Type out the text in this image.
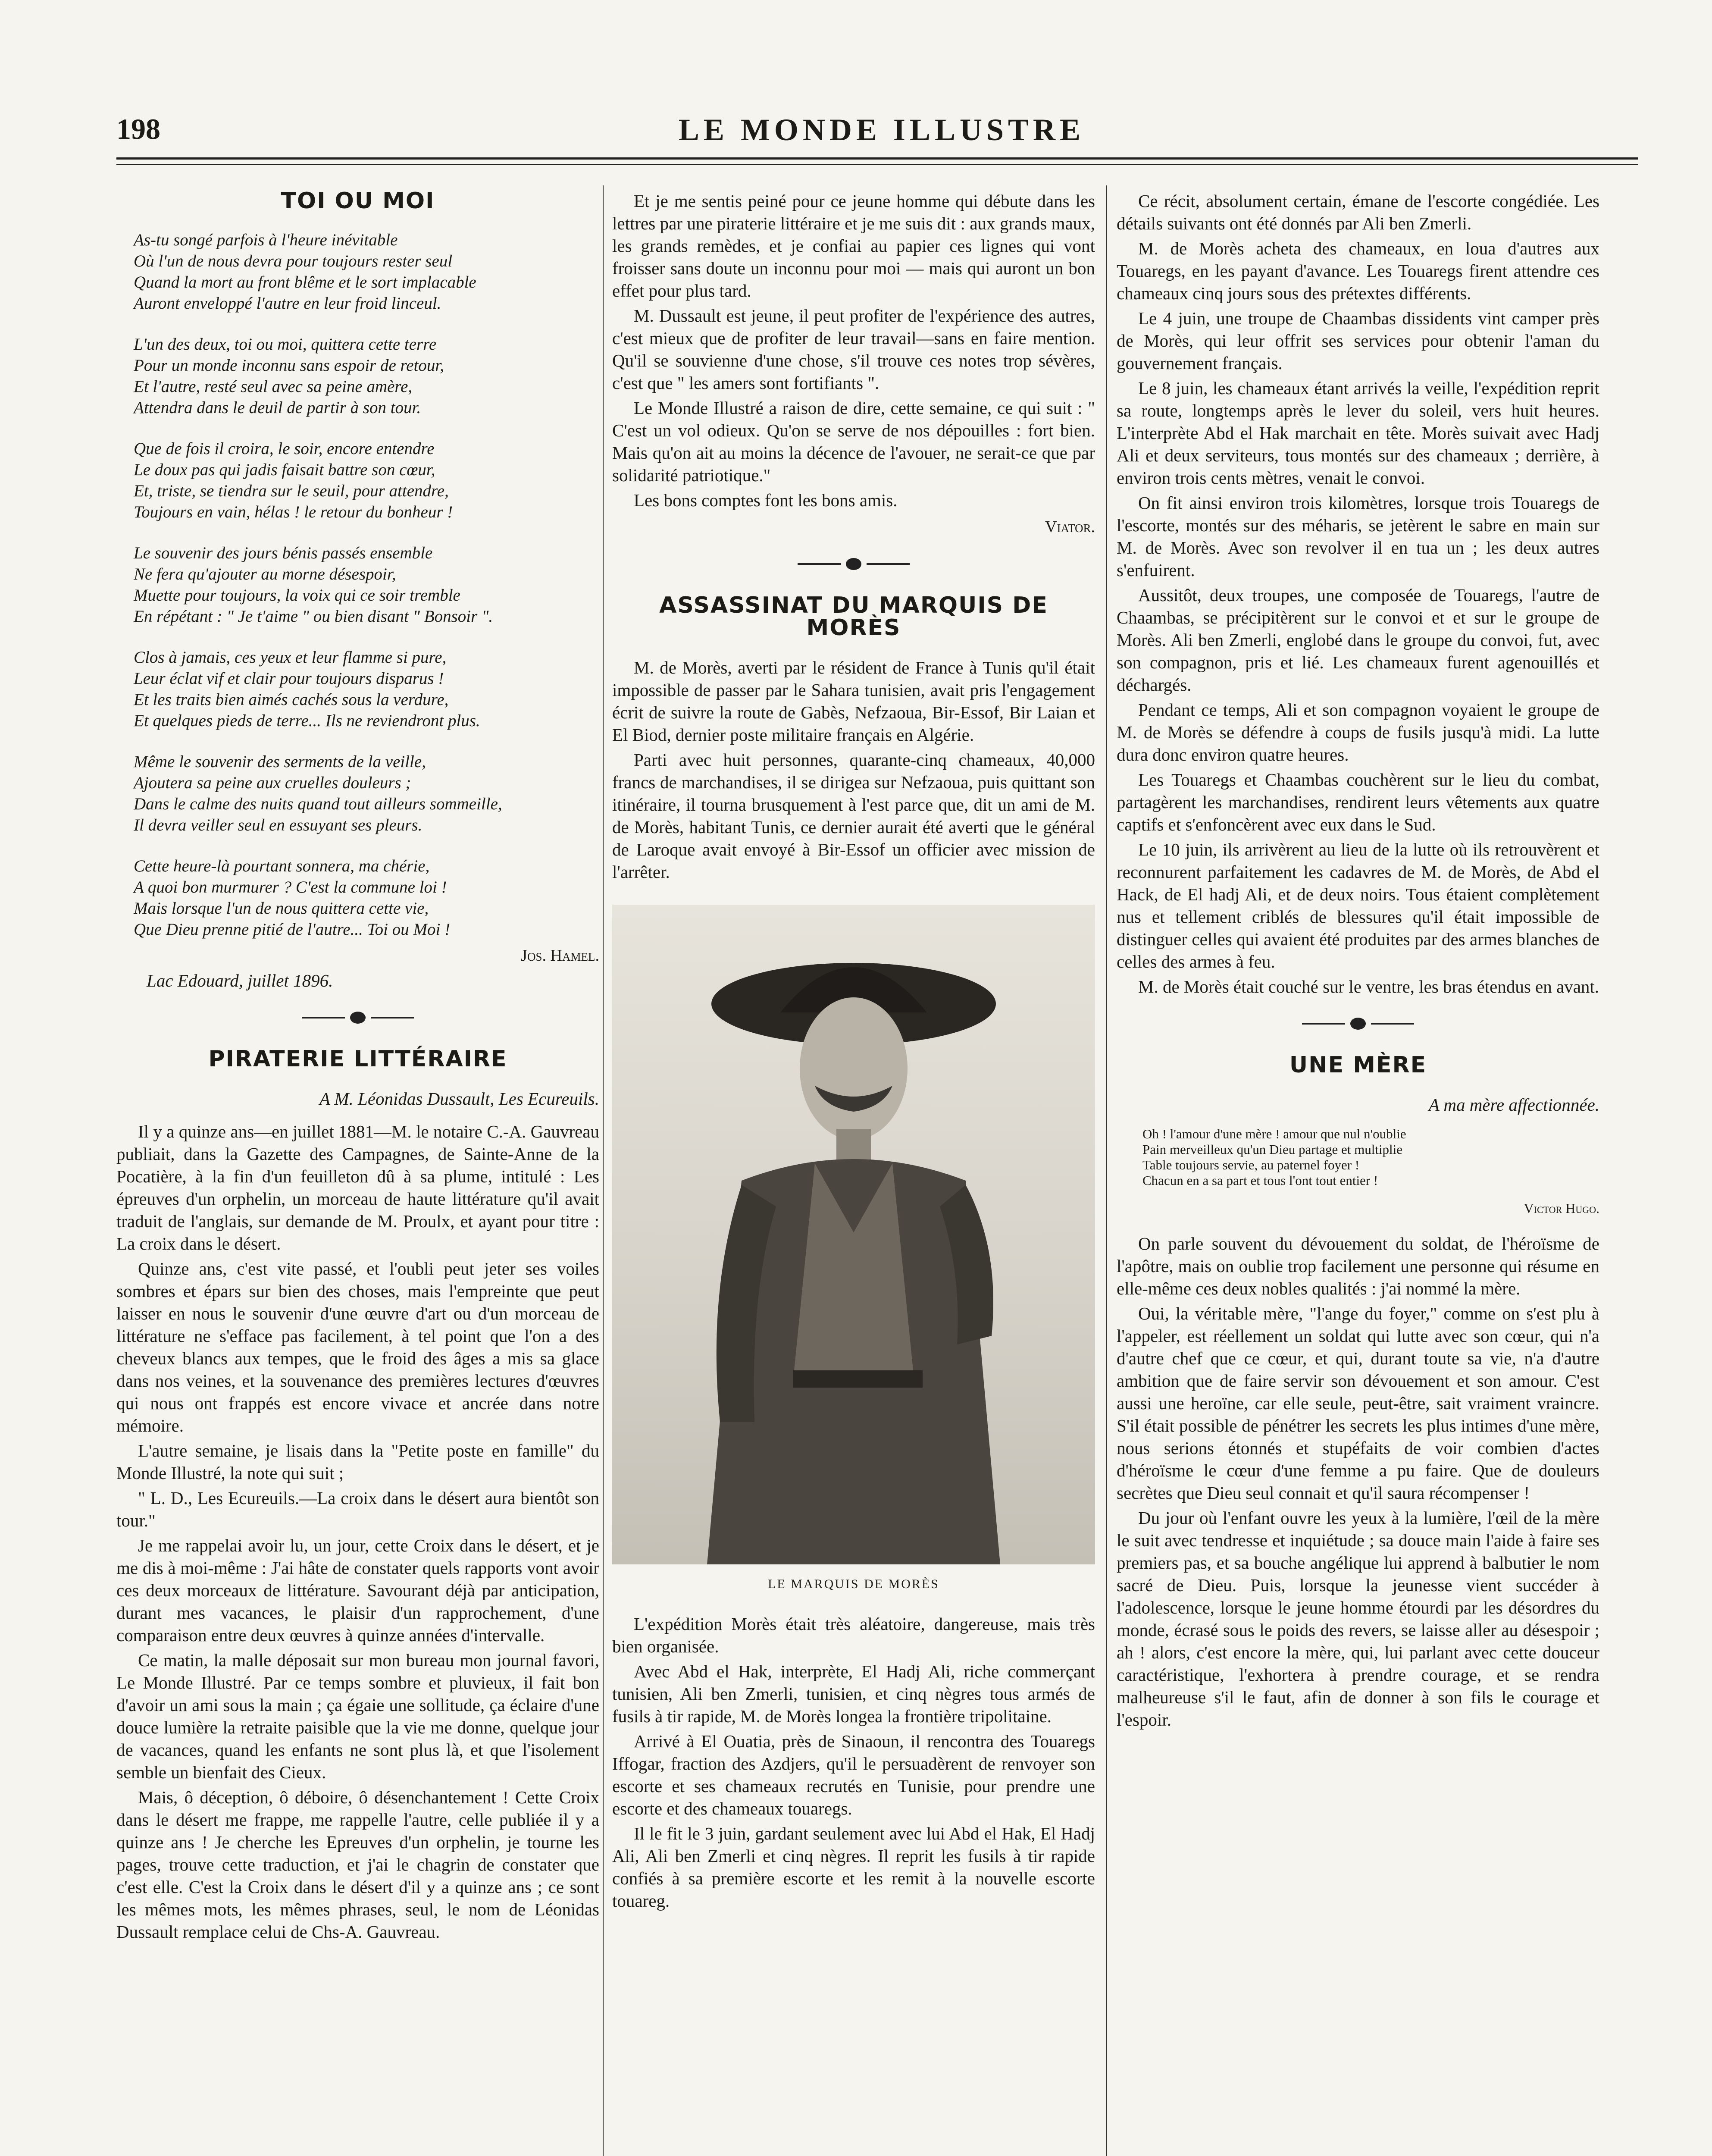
198	LE MONDE ILLUSTRE
TOI OU MOI
As-tu songé parfois à l'heure inévitable
Où l'un de nous devra pour toujours rester seul
Quand la mort au front blême et le sort implacable
Auront enveloppé l'autre en leur froid linceul.
L'un des deux, toi ou moi, quittera cette terre
Pour un monde inconnu sans espoir de retour,
Et l'autre, resté seul avec sa peine amère,
Attendra dans le deuil de partir à son tour.
Que de fois il croira, le soir, encore entendre
Le doux pas qui jadis faisait battre son cœur,
Et, triste, se tiendra sur le seuil, pour attendre,
Toujours en vain, hélas ! le retour du bonheur !
Le souvenir des jours bénis passés ensemble
Ne fera qu'ajouter au morne désespoir,
Muette pour toujours, la voix qui ce soir tremble
En répétant : " Je t'aime " ou bien disant " Bonsoir ".
Clos à jamais, ces yeux et leur flamme si pure,
Leur éclat vif et clair pour toujours disparus !
Et les traits bien aimés cachés sous la verdure,
Et quelques pieds de terre... Ils ne reviendront plus.
Même le souvenir des serments de la veille,
Ajoutera sa peine aux cruelles douleurs ;
Dans le calme des nuits quand tout ailleurs sommeille,
Il devra veiller seul en essuyant ses pleurs.
Cette heure-là pourtant sonnera, ma chérie,
A quoi bon murmurer ? C'est la commune loi !
Mais lorsque l'un de nous quittera cette vie,
Que Dieu prenne pitié de l'autre... Toi ou Moi !
Jos. Hamel.
Lac Edouard, juillet 1896.
PIRATERIE LITTÉRAIRE
A M. Léonidas Dussault, Les Ecureuils.

Il y a quinze ans—en juillet 1881—M. le notaire C.-A. Gauvreau publiait, dans la Gazette des Campagnes, de Sainte-Anne de la Pocatière, à la fin d'un feuilleton dû à sa plume, intitulé : Les épreuves d'un orphelin, un morceau de haute littérature qu'il avait traduit de l'anglais, sur demande de M. Proulx, et ayant pour titre : La croix dans le désert.

Quinze ans, c'est vite passé, et l'oubli peut jeter ses voiles sombres et épars sur bien des choses, mais l'empreinte que peut laisser en nous le souvenir d'une œuvre d'art ou d'un morceau de littérature ne s'efface pas facilement, à tel point que l'on a des cheveux blancs aux tempes, que le froid des âges a mis sa glace dans nos veines, et la souvenance des premières lectures d'œuvres qui nous ont frappés est encore vivace et ancrée dans notre mémoire.

L'autre semaine, je lisais dans la "Petite poste en famille" du Monde Illustré, la note qui suit ;

" L. D., Les Ecureuils.—La croix dans le désert aura bientôt son tour."

Je me rappelai avoir lu, un jour, cette Croix dans le désert, et je me dis à moi-même : J'ai hâte de constater quels rapports vont avoir ces deux morceaux de littérature. Savourant déjà par anticipation, durant mes vacances, le plaisir d'un rapprochement, d'une comparaison entre deux œuvres à quinze années d'intervalle.

Ce matin, la malle déposait sur mon bureau mon journal favori, Le Monde Illustré. Par ce temps sombre et pluvieux, il fait bon d'avoir un ami sous la main ; ça égaie une sollitude, ça éclaire d'une douce lumière la retraite paisible que la vie me donne, quelque jour de vacances, quand les enfants ne sont plus là, et que l'isolement semble un bienfait des Cieux.

Mais, ô déception, ô déboire, ô désenchantement ! Cette Croix dans le désert me frappe, me rappelle l'autre, celle publiée il y a quinze ans ! Je cherche les Epreuves d'un orphelin, je tourne les pages, trouve cette traduction, et j'ai le chagrin de constater que c'est elle. C'est la Croix dans le désert d'il y a quinze ans ; ce sont les mêmes mots, les mêmes phrases, seul, le nom de Léonidas Dussault remplace celui de Chs-A. Gauvreau.

Et je me sentis peiné pour ce jeune homme qui débute dans les lettres par une piraterie littéraire et je me suis dit : aux grands maux, les grands remèdes, et je confiai au papier ces lignes qui vont froisser sans doute un inconnu pour moi — mais qui auront un bon effet pour plus tard.

M. Dussault est jeune, il peut profiter de l'expérience des autres, c'est mieux que de profiter de leur travail—sans en faire mention. Qu'il se souvienne d'une chose, s'il trouve ces notes trop sévères, c'est que " les amers sont fortifiants ".

Le Monde Illustré a raison de dire, cette semaine, ce qui suit : " C'est un vol odieux. Qu'on se serve de nos dépouilles : fort bien. Mais qu'on ait au moins la décence de l'avouer, ne serait-ce que par solidarité patriotique."

Les bons comptes font les bons amis.

Viator.
ASSASSINAT DU MARQUIS DE MORÈS

M. de Morès, averti par le résident de France à Tunis qu'il était impossible de passer par le Sahara tunisien, avait pris l'engagement écrit de suivre la route de Gabès, Nefzaoua, Bir-Essof, Bir Laian et El Biod, dernier poste militaire français en Algérie.

Parti avec huit personnes, quarante-cinq chameaux, 40,000 francs de marchandises, il se dirigea sur Nefzaoua, puis quittant son itinéraire, il tourna brusquement à l'est parce que, dit un ami de M. de Morès, habitant Tunis, ce dernier aurait été averti que le général de Laroque avait envoyé à Bir-Essof un officier avec mission de l'arrêter.

LE MARQUIS DE MORÈS

L'expédition Morès était très aléatoire, dangereuse, mais très bien organisée.

Avec Abd el Hak, interprète, El Hadj Ali, riche commerçant tunisien, Ali ben Zmerli, tunisien, et cinq nègres tous armés de fusils à tir rapide, M. de Morès longea la frontière tripolitaine.

Arrivé à El Ouatia, près de Sinaoun, il rencontra des Touaregs Iffogar, fraction des Azdjers, qu'il le persuadèrent de renvoyer son escorte et ses chameaux recrutés en Tunisie, pour prendre une escorte et des chameaux touaregs.

Il le fit le 3 juin, gardant seulement avec lui Abd el Hak, El Hadj Ali, Ali ben Zmerli et cinq nègres. Il reprit les fusils à tir rapide confiés à sa première escorte et les remit à la nouvelle escorte touareg.

Ce récit, absolument certain, émane de l'escorte congédiée. Les détails suivants ont été donnés par Ali ben Zmerli.

M. de Morès acheta des chameaux, en loua d'autres aux Touaregs, en les payant d'avance. Les Touaregs firent attendre ces chameaux cinq jours sous des prétextes différents.

Le 4 juin, une troupe de Chaambas dissidents vint camper près de Morès, qui leur offrit ses services pour obtenir l'aman du gouvernement français.

Le 8 juin, les chameaux étant arrivés la veille, l'expédition reprit sa route, longtemps après le lever du soleil, vers huit heures. L'interprète Abd el Hak marchait en tête. Morès suivait avec Hadj Ali et deux serviteurs, tous montés sur des chameaux ; derrière, à environ trois cents mètres, venait le convoi.

On fit ainsi environ trois kilomètres, lorsque trois Touaregs de l'escorte, montés sur des méharis, se jetèrent le sabre en main sur M. de Morès. Avec son revolver il en tua un ; les deux autres s'enfuirent.

Aussitôt, deux troupes, une composée de Touaregs, l'autre de Chaambas, se précipitèrent sur le convoi et et sur le groupe de Morès. Ali ben Zmerli, englobé dans le groupe du convoi, fut, avec son compagnon, pris et lié. Les chameaux furent agenouillés et déchargés.

Pendant ce temps, Ali et son compagnon voyaient le groupe de M. de Morès se défendre à coups de fusils jusqu'à midi. La lutte dura donc environ quatre heures.

Les Touaregs et Chaambas couchèrent sur le lieu du combat, partagèrent les marchandises, rendirent leurs vêtements aux quatre captifs et s'enfoncèrent avec eux dans le Sud.

Le 10 juin, ils arrivèrent au lieu de la lutte où ils retrouvèrent et reconnurent parfaitement les cadavres de M. de Morès, de Abd el Hack, de El hadj Ali, et de deux noirs. Tous étaient complètement nus et tellement criblés de blessures qu'il était impossible de distinguer celles qui avaient été produites par des armes blanches de celles des armes à feu.

M. de Morès était couché sur le ventre, les bras étendus en avant.

UNE MÈRE
A ma mère affectionnée.
Oh ! l'amour d'une mère ! amour que nul n'oublie
Pain merveilleux qu'un Dieu partage et multiplie
Table toujours servie, au paternel foyer !
Chacun en a sa part et tous l'ont tout entier !
Victor Hugo.

On parle souvent du dévouement du soldat, de l'héroïsme de l'apôtre, mais on oublie trop facilement une personne qui résume en elle-même ces deux nobles qualités : j'ai nommé la mère.

Oui, la véritable mère, "l'ange du foyer," comme on s'est plu à l'appeler, est réellement un soldat qui lutte avec son cœur, qui n'a d'autre chef que ce cœur, et qui, durant toute sa vie, n'a d'autre ambition que de faire servir son dévouement et son amour. C'est aussi une heroïne, car elle seule, peut-être, sait vraiment vraincre. S'il était possible de pénétrer les secrets les plus intimes d'une mère, nous serions étonnés et stupéfaits de voir combien d'actes d'héroïsme le cœur d'une femme a pu faire. Que de douleurs secrètes que Dieu seul connait et qu'il saura récompenser !

Du jour où l'enfant ouvre les yeux à la lumière, l'œil de la mère le suit avec tendresse et inquiétude ; sa douce main l'aide à faire ses premiers pas, et sa bouche angélique lui apprend à balbutier le nom sacré de Dieu. Puis, lorsque la jeunesse vient succéder à l'adolescence, lorsque le jeune homme étourdi par les désordres du monde, écrasé sous le poids des revers, se laisse aller au désespoir ; ah ! alors, c'est encore la mère, qui, lui parlant avec cette douceur caractéristique, l'exhortera à prendre courage, et se rendra malheureuse s'il le faut, afin de donner à son fils le courage et l'espoir.
